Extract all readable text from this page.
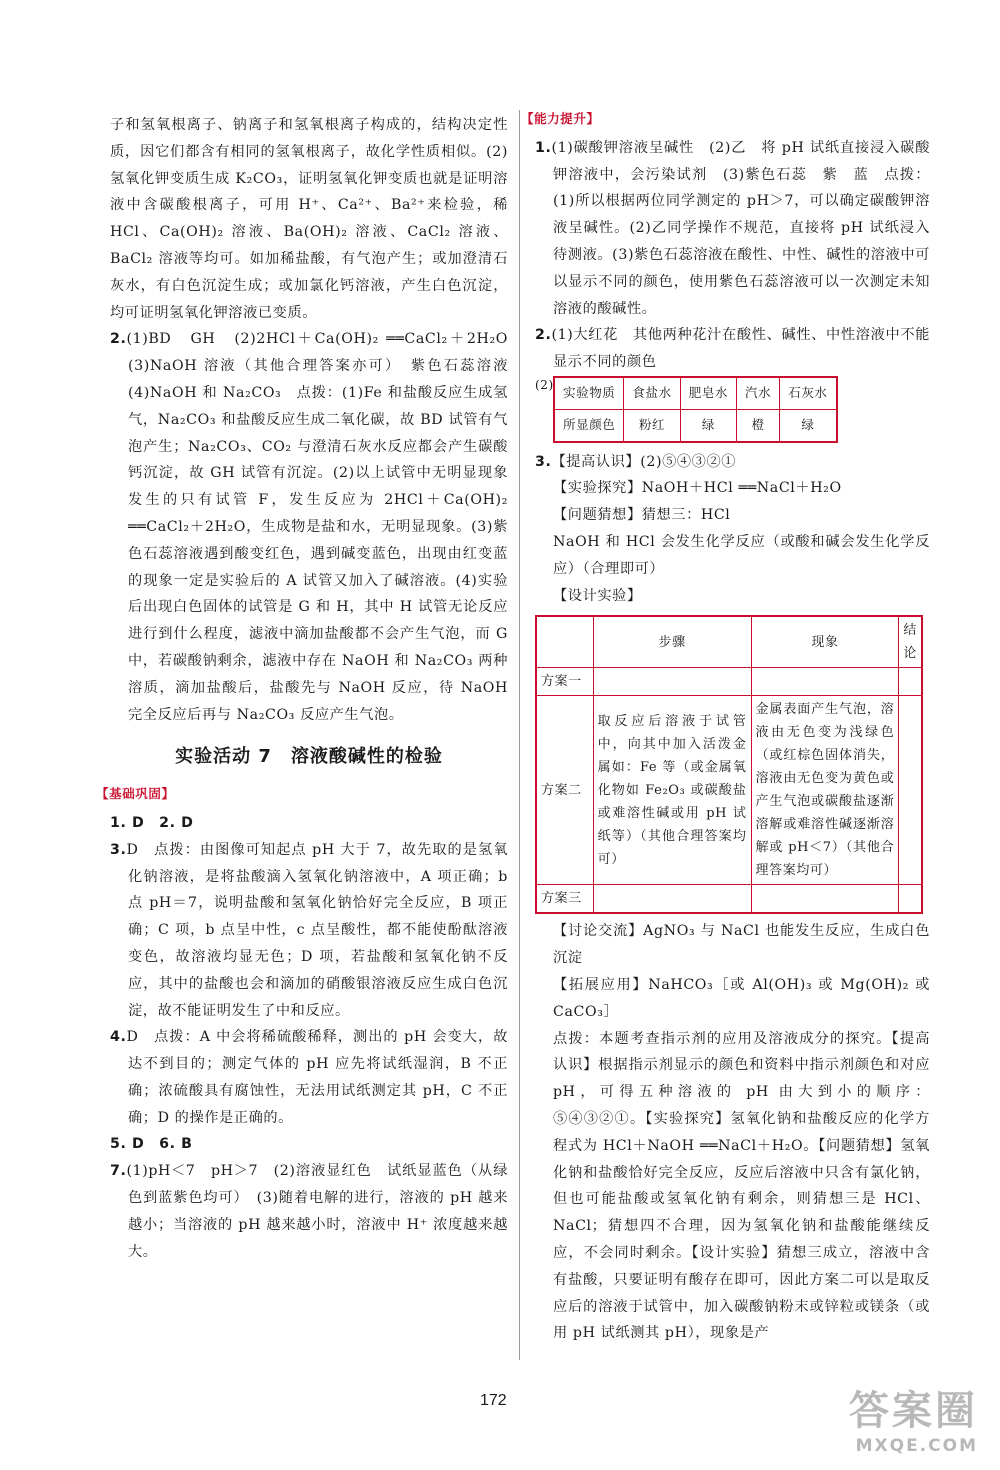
子和氢氧根离子、钠离子和氢氧根离子构成的，结构决定性质，因它们都含有相同的氢氧根离子，故化学性质相似。(2)氢氧化钾变质生成 K₂CO₃，证明氢氧化钾变质也就是证明溶液中含碳酸根离子，可用 H⁺、Ca²⁺、Ba²⁺来检验，稀 HCl、Ca(OH)₂ 溶液、Ba(OH)₂ 溶液、CaCl₂ 溶液、BaCl₂ 溶液等均可。如加稀盐酸，有气泡产生；或加澄清石灰水，有白色沉淀生成；或加氯化钙溶液，产生白色沉淀，均可证明氢氧化钾溶液已变质。

2.(1)BD　GH　(2)2HCl＋Ca(OH)₂ ══CaCl₂＋2H₂O　(3)NaOH 溶液（其他合理答案亦可）　紫色石蕊溶液　(4)NaOH 和 Na₂CO₃　点拨：(1)Fe 和盐酸反应生成氢气，Na₂CO₃ 和盐酸反应生成二氧化碳，故 BD 试管有气泡产生；Na₂CO₃、CO₂ 与澄清石灰水反应都会产生碳酸钙沉淀，故 GH 试管有沉淀。(2)以上试管中无明显现象发生的只有试管 F，发生反应为 2HCl＋Ca(OH)₂ ══CaCl₂＋2H₂O，生成物是盐和水，无明显现象。(3)紫色石蕊溶液遇到酸变红色，遇到碱变蓝色，出现由红变蓝的现象一定是实验后的 A 试管又加入了碱溶液。(4)实验后出现白色固体的试管是 G 和 H，其中 H 试管无论反应进行到什么程度，滤液中滴加盐酸都不会产生气泡，而 G 中，若碳酸钠剩余，滤液中存在 NaOH 和 Na₂CO₃ 两种溶质，滴加盐酸后，盐酸先与 NaOH 反应，待 NaOH 完全反应后再与 Na₂CO₃ 反应产生气泡。

实验活动 7　溶液酸碱性的检验
【基础巩固】

1. D　2. D

3.D　点拨：由图像可知起点 pH 大于 7，故先取的是氢氧化钠溶液，是将盐酸滴入氢氧化钠溶液中，A 项正确；b 点 pH＝7，说明盐酸和氢氧化钠恰好完全反应，B 项正确；C 项，b 点呈中性，c 点呈酸性，都不能使酚酞溶液变色，故溶液均显无色；D 项，若盐酸和氢氧化钠不反应，其中的盐酸也会和滴加的硝酸银溶液反应生成白色沉淀，故不能证明发生了中和反应。

4.D　点拨：A 中会将稀硫酸稀释，测出的 pH 会变大，故达不到目的；测定气体的 pH 应先将试纸湿润，B 不正确；浓硫酸具有腐蚀性，无法用试纸测定其 pH，C 不正确；D 的操作是正确的。

5. D　6. B

7.(1)pH＜7　pH＞7　(2)溶液显红色　试纸显蓝色（从绿色到蓝紫色均可）　(3)随着电解的进行，溶液的 pH 越来越小；当溶液的 pH 越来越小时，溶液中 H⁺ 浓度越来越大。

【能力提升】

1.(1)碳酸钾溶液呈碱性　(2)乙　将 pH 试纸直接浸入碳酸钾溶液中，会污染试剂　(3)紫色石蕊　紫　蓝　点拨：(1)所以根据两位同学测定的 pH＞7，可以确定碳酸钾溶液呈碱性。(2)乙同学操作不规范，直接将 pH 试纸浸入待测液。(3)紫色石蕊溶液在酸性、中性、碱性的溶液中可以显示不同的颜色，使用紫色石蕊溶液可以一次测定未知溶液的酸碱性。

2.(1)大红花　其他两种花汁在酸性、碱性、中性溶液中不能显示不同的颜色

(2) 实验物质	食盐水	肥皂水	汽水	石灰水
所显颜色	粉红	绿	橙	绿

3.【提高认识】(2)⑤④③②①

【实验探究】NaOH＋HCl ══NaCl＋H₂O

【问题猜想】猜想三：HCl

NaOH 和 HCl 会发生化学反应（或酸和碱会发生化学反应）（合理即可）

【设计实验】

	步骤	现象	结论
方案一			
方案二	取反应后溶液于试管中，向其中加入活泼金属如：Fe 等（或金属氧化物如 Fe₂O₃ 或碳酸盐或难溶性碱或用 pH 试纸等）（其他合理答案均可）	金属表面产生气泡，溶液由无色变为浅绿色（或红棕色固体消失，溶液由无色变为黄色或产生气泡或碳酸盐逐渐溶解或难溶性碱逐渐溶解或 pH＜7）（其他合理答案均可）	
方案三			

【讨论交流】AgNO₃ 与 NaCl 也能发生反应，生成白色沉淀

【拓展应用】NaHCO₃［或 Al(OH)₃ 或 Mg(OH)₂ 或 CaCO₃］

点拨：本题考查指示剂的应用及溶液成分的探究。【提高认识】根据指示剂显示的颜色和资料中指示剂颜色和对应 pH，可得五种溶液的 pH 由大到小的顺序：⑤④③②①。【实验探究】氢氧化钠和盐酸反应的化学方程式为 HCl＋NaOH ══NaCl＋H₂O。【问题猜想】氢氧化钠和盐酸恰好完全反应，反应后溶液中只含有氯化钠，但也可能盐酸或氢氧化钠有剩余，则猜想三是 HCl、NaCl；猜想四不合理，因为氢氧化钠和盐酸能继续反应，不会同时剩余。【设计实验】猜想三成立，溶液中含有盐酸，只要证明有酸存在即可，因此方案二可以是取反应后的溶液于试管中，加入碳酸钠粉末或锌粒或镁条（或用 pH 试纸测其 pH），现象是产

172	答案圈
MXQE.COM
